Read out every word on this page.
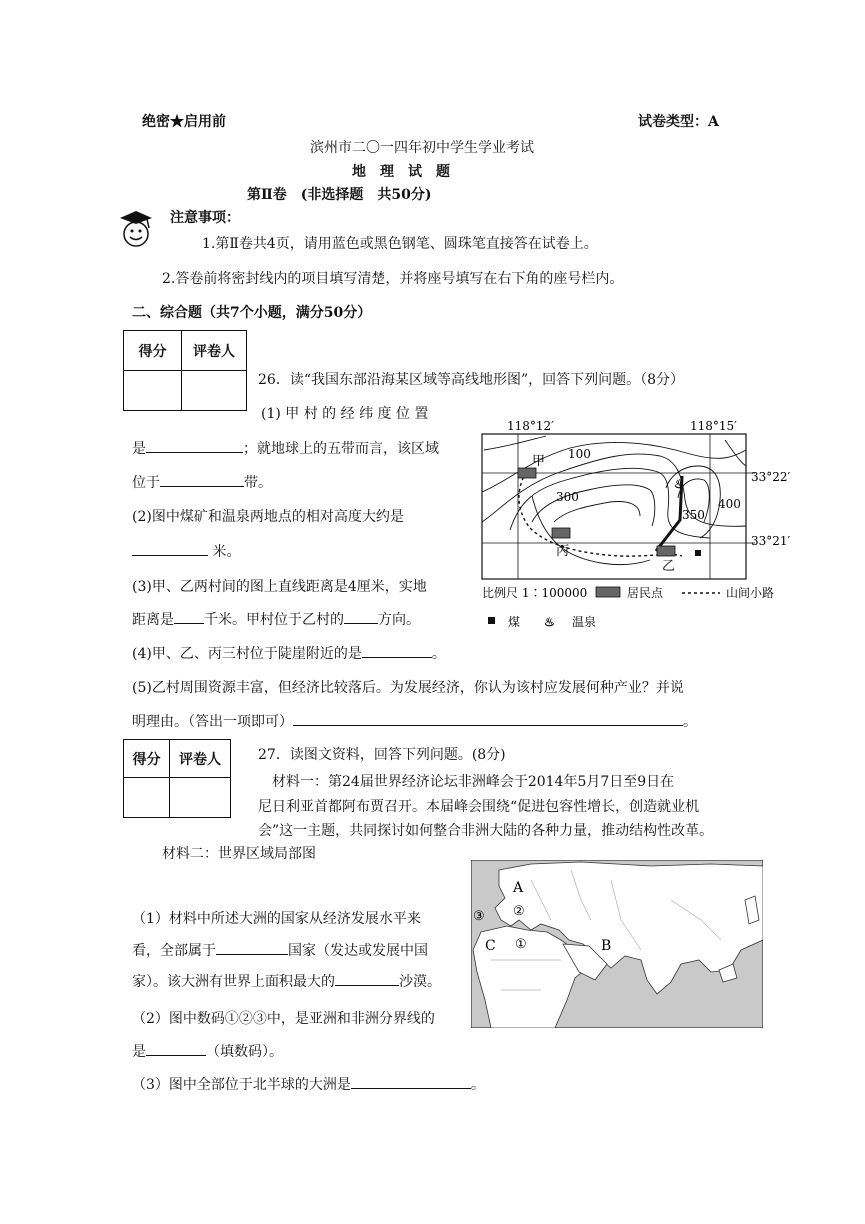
绝密★启用前	试卷类型：A
滨州市二〇一四年初中学生学业考试
地　理　试　题
第Ⅱ卷　(非选择题　共50分)
注意事项：
1.第Ⅱ卷共4页，请用蓝色或黑色钢笔、圆珠笔直接答在试卷上。
2.答卷前将密封线内的项目填写清楚，并将座号填写在右下角的座号栏内。
二、综合题（共7个小题，满分50分）
得分	评卷人

26．读“我国东部沿海某区域等高线地形图”，回答下列问题。（8分）
(1) 甲 村 的 经 纬 度 位 置
是	；就地球上的五带而言，该区域
位于	带。
(2)图中煤矿和温泉两地点的相对高度大约是
米。
(3)甲、乙两村间的图上直线距离是4厘米，实地
距离是 千米。甲村位于乙村的 方向。
(4)甲、乙、丙三村位于陡崖附近的是	。
(5)乙村周围资源丰富，但经济比较落后。为发展经济，你认为该村应发展何种产业？并说
明理由。（答出一项即可）	。
118°12′	118°15′
33°22′
33°21′
甲
丙
乙
100
300
350
400
♨
比例尺 1∶100000	居民点	山间小路
煤 ♨ 温泉
得分	评卷人
		27．读图文资料，回答下列问题。(8分)
材料一：第24届世界经济论坛非洲峰会于2014年5月7日至9日在
尼日利亚首都阿布贾召开。本届峰会围绕“促进包容性增长，创造就业机
会”这一主题，共同探讨如何整合非洲大陆的各种力量，推动结构性改革。
材料二：世界区域局部图
A
②
③
C ①	B
（1）材料中所述大洲的国家从经济发展水平来
看，全部属于	国家（发达或发展中国
家）。该大洲有世界上面积最大的	沙漠。
（2）图中数码①②③中，是亚洲和非洲分界线的
是	（填数码）。
（3）图中全部位于北半球的大洲是	。
